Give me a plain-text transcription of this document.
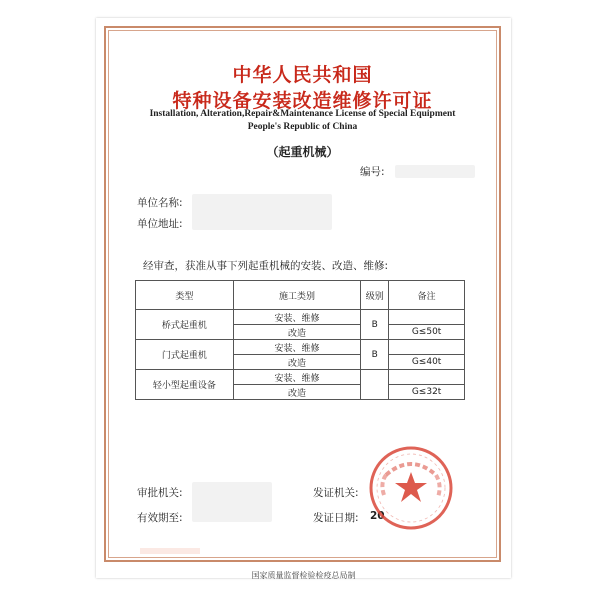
中华人民共和国
特种设备安装改造维修许可证
Installation, Alteration,Repair&Maintenance License of Special Equipment
People's Republic of China
（起重机械）
编号:
单位名称:
单位地址:
经审查，获准从事下列起重机械的安装、改造、维修:
类型	施工类别	级别	备注
桥式起重机	安装、维修	B	
	改造		G≤50t
门式起重机	安装、维修	B	
	改造		G≤40t
轻小型起重设备	安装、维修		
	改造		G≤32t
审批机关:
有效期至:
发证机关:
发证日期: 20
国家质量监督检验检疫总局制
